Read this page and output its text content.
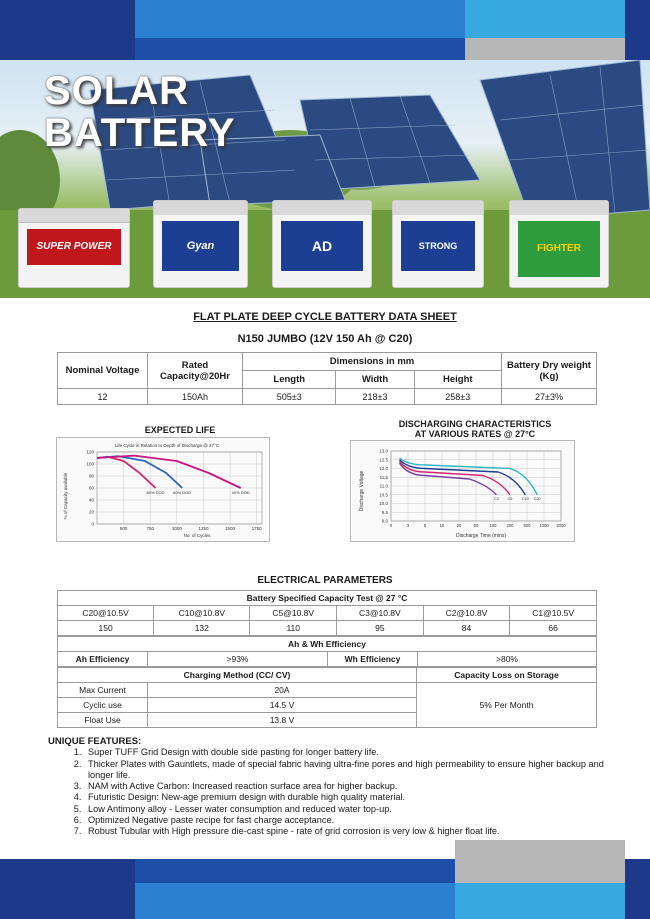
SOLAR
BATTERY
SUPER POWER	Gyan	AD	STRONG	FIGHTER
FLAT PLATE DEEP CYCLE BATTERY DATA SHEET
N150 JUMBO (12V 150 Ah @ C20)
Nominal Voltage	Rated Capacity@20Hr	Dimensions in mm			Battery Dry weight (Kg)
		Length	Width	Height	
12	150Ah	505±3	218±3	258±3	27±3%
EXPECTED LIFE
DISCHARGING CHARACTERISTICS
AT VARIOUS RATES @ 27°C
Life Cycle in Relation to Depth of Discharge @ 27°C
0
20
40
60
80
100
120
500	750	1000	1250	1500	1750
80% DOD 60% DOD	40% DOD
No. of Cycles
% of Capacity available
9.0
9.5
10.0
10.5
11.0
11.5
12.0
12.5
13.0
0	3	5	10	20	50	100 200 500 1000 2000
C20
C10
C5
C3
Discharge Time (mins)
Discharge Voltage
ELECTRICAL PARAMETERS
Battery Specified Capacity Test @ 27 °C					
C20@10.5V	C10@10.8V	C5@10.8V	C3@10.8V	C2@10.8V	C1@10.5V
150	132	110	95	84	66
Ah & Wh Efficiency
Ah Efficiency	>93%	Wh Efficiency	>80%
Charging Method (CC/ CV)		Capacity Loss on Storage
Max Current	20A	5% Per Month
Cyclic use	14.5 V	
Float Use	13.8 V	
UNIQUE FEATURES:
1. Super TUFF Grid Design with double side pasting for longer battery life.
2. Thicker Plates with Gauntlets, made of special fabric having ultra-fine pores and high permeability to ensure higher backup and longer life.
3. NAM with Active Carbon: Increased reaction surface area for higher backup.
4. Futuristic Design: New-age premium design with durable high quality material.
5. Low Antimony alloy - Lesser water consumption and reduced water top-up.
6. Optimized Negative paste recipe for fast charge acceptance.
7. Robust Tubular with High pressure die-cast spine - rate of grid corrosion is very low & higher float life.
